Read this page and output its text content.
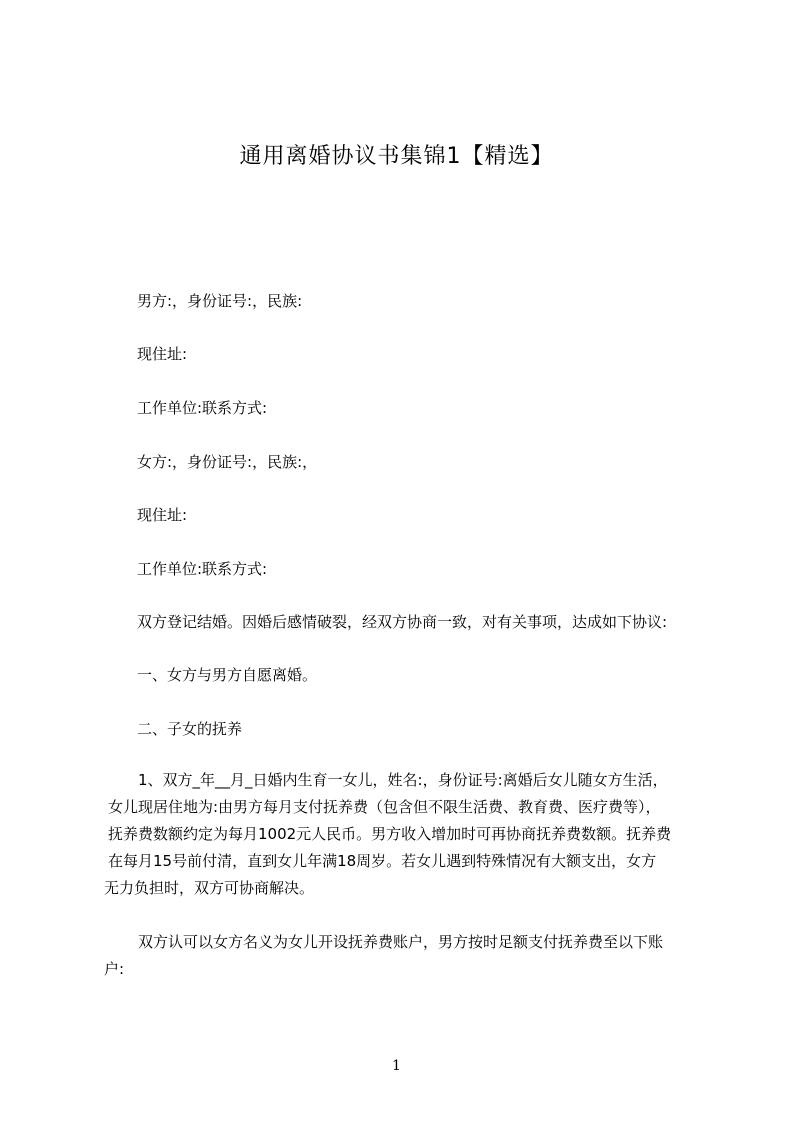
通用离婚协议书集锦1【精选】
男方:，身份证号:，民族:
现住址:
工作单位:联系方式:
女方:，身份证号:，民族:，
现住址:
工作单位:联系方式:
双方登记结婚。因婚后感情破裂，经双方协商一致，对有关事项，达成如下协议:
一、女方与男方自愿离婚。
二、子女的抚养
1、双方_年__月_日婚内生育一女儿，姓名:，身份证号:离婚后女儿随女方生活，
女儿现居住地为:由男方每月支付抚养费（包含但不限生活费、教育费、医疗费等），
抚养费数额约定为每月1002元人民币。男方收入增加时可再协商抚养费数额。抚养费
在每月15号前付清，直到女儿年满18周岁。若女儿遇到特殊情况有大额支出，女方
无力负担时，双方可协商解决。
双方认可以女方名义为女儿开设抚养费账户，男方按时足额支付抚养费至以下账
户:
1
